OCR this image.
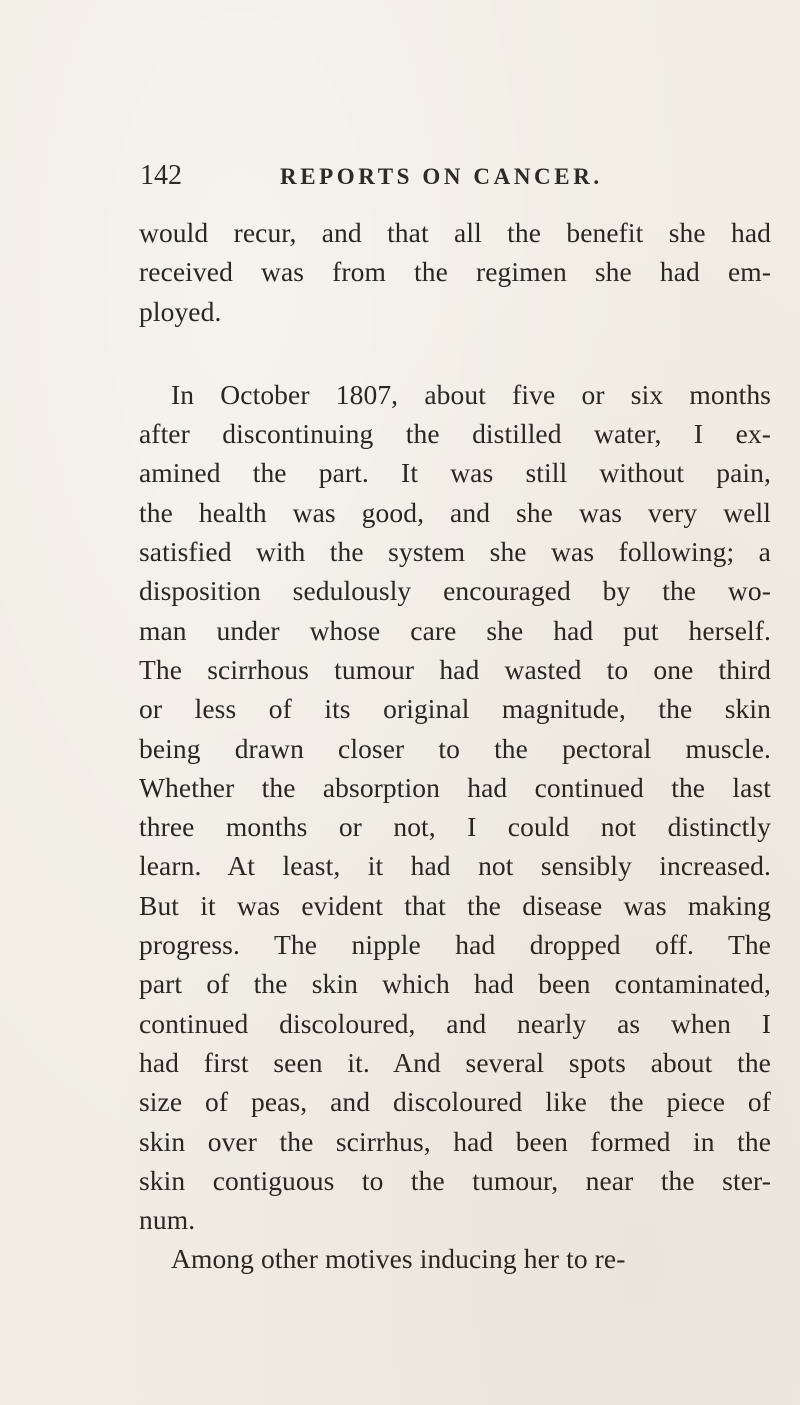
142	REPORTS ON CANCER.
would recur, and that all the benefit she had
received was from the regimen she had em-
ployed.
In October 1807, about five or six months
after discontinuing the distilled water, I ex-
amined the part. It was still without pain,
the health was good, and she was very well
satisfied with the system she was following; a
disposition sedulously encouraged by the wo-
man under whose care she had put herself.
The scirrhous tumour had wasted to one third
or less of its original magnitude, the skin
being drawn closer to the pectoral muscle.
Whether the absorption had continued the last
three months or not, I could not distinctly
learn. At least, it had not sensibly increased.
But it was evident that the disease was making
progress. The nipple had dropped off. The
part of the skin which had been contaminated,
continued discoloured, and nearly as when I
had first seen it. And several spots about the
size of peas, and discoloured like the piece of
skin over the scirrhus, had been formed in the
skin contiguous to the tumour, near the ster-
num.
Among other motives inducing her to re-
